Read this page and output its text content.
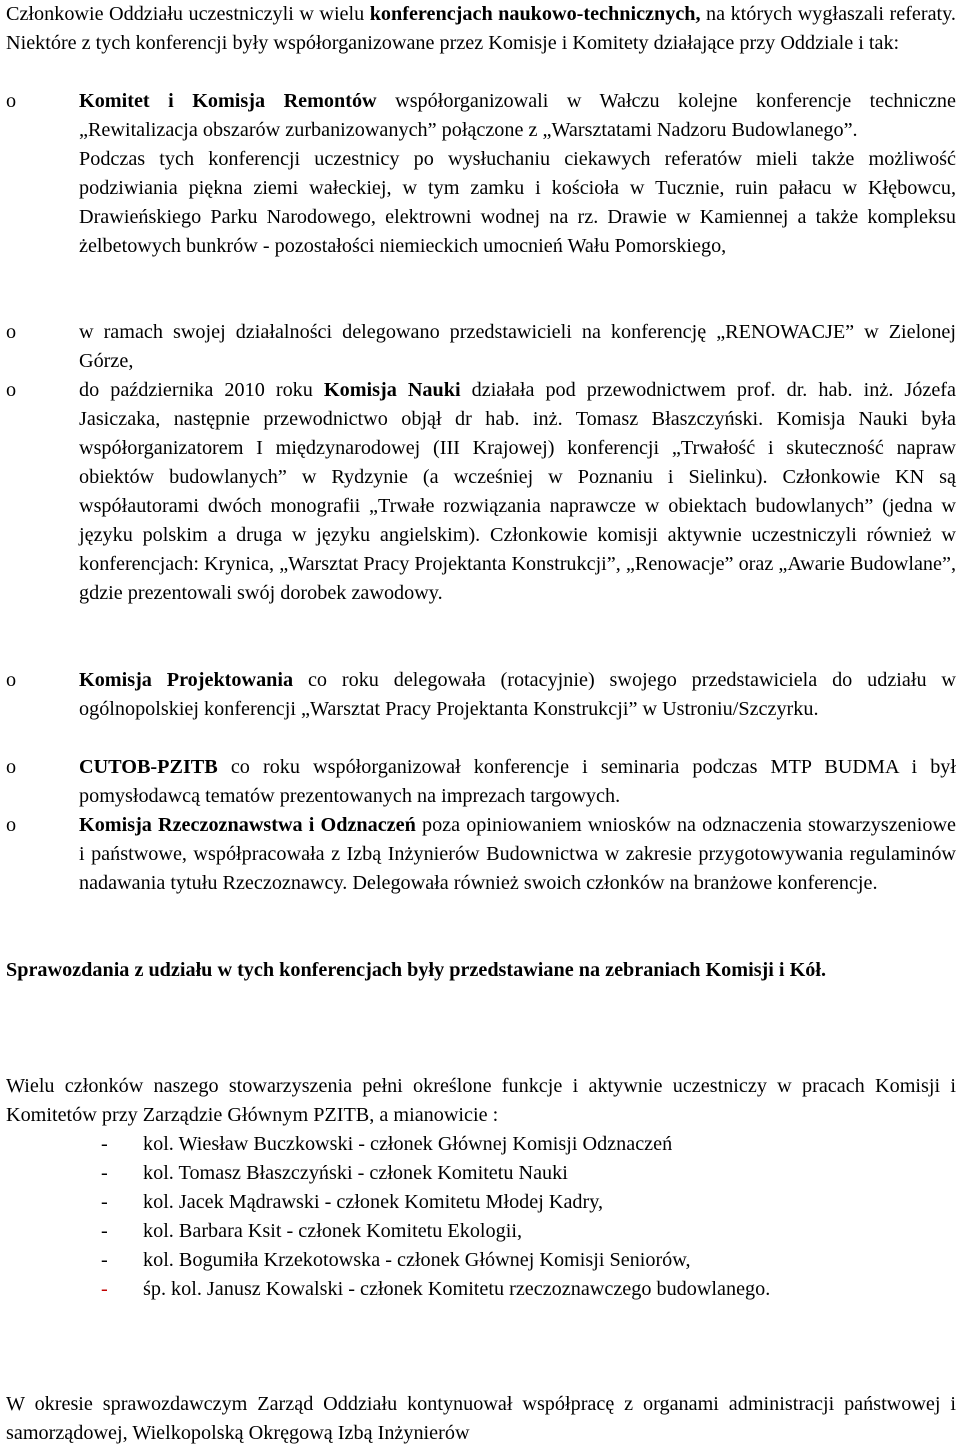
Członkowie Oddziału uczestniczyli w wielu konferencjach naukowo-technicznych, na których wygłaszali referaty. Niektóre z tych konferencji były współorganizowane przez Komisje i Komitety działające przy Oddziale i tak:

o	Komitet i Komisja Remontów współorganizowali w Wałczu kolejne konferencje techniczne „Rewitalizacja obszarów zurbanizowanych” połączone z „Warsztatami Nadzoru Budowlanego”.
Podczas tych konferencji uczestnicy po wysłuchaniu ciekawych referatów mieli także możliwość podziwiania piękna ziemi wałeckiej, w tym zamku i kościoła w Tucznie, ruin pałacu w Kłębowcu, Drawieńskiego Parku Narodowego, elektrowni wodnej na rz. Drawie w Kamiennej a także kompleksu żelbetowych bunkrów - pozostałości niemieckich umocnień Wału Pomorskiego,
o	w ramach swojej działalności delegowano przedstawicieli na konferencję „RENOWACJE” w Zielonej Górze,
o	do października 2010 roku Komisja Nauki działała pod przewodnictwem prof. dr. hab. inż. Józefa Jasiczaka, następnie przewodnictwo objął dr hab. inż. Tomasz Błaszczyński. Komisja Nauki była współorganizatorem I międzynarodowej (III Krajowej) konferencji „Trwałość i skuteczność napraw obiektów budowlanych” w Rydzynie (a wcześniej w Poznaniu i Sielinku). Członkowie KN są współautorami dwóch monografii „Trwałe rozwiązania naprawcze w obiektach budowlanych” (jedna w języku polskim a druga w języku angielskim). Członkowie komisji aktywnie uczestniczyli również w konferencjach: Krynica, „Warsztat Pracy Projektanta Konstrukcji”, „Renowacje” oraz „Awarie Budowlane”, gdzie prezentowali swój dorobek zawodowy.
o	Komisja Projektowania co roku delegowała (rotacyjnie) swojego przedstawiciela do udziału w ogólnopolskiej konferencji „Warsztat Pracy Projektanta Konstrukcji” w Ustroniu/Szczyrku.
o	CUTOB-PZITB co roku współorganizował konferencje i seminaria podczas MTP BUDMA i był pomysłodawcą tematów prezentowanych na imprezach targowych.
o	Komisja Rzeczoznawstwa i Odznaczeń poza opiniowaniem wniosków na odznaczenia stowarzyszeniowe i państwowe, współpracowała z Izbą Inżynierów Budownictwa w zakresie przygotowywania regulaminów nadawania tytułu Rzeczoznawcy. Delegowała również swoich członków na branżowe konferencje.

Sprawozdania z udziału w tych konferencjach były przedstawiane na zebraniach Komisji i Kół.

Wielu członków naszego stowarzyszenia pełni określone funkcje i aktywnie uczestniczy w pracach Komisji i Komitetów przy Zarządzie Głównym PZITB, a mianowicie :

- kol. Wiesław Buczkowski - członek Głównej Komisji Odznaczeń
- kol. Tomasz Błaszczyński - członek Komitetu Nauki
- kol. Jacek Mądrawski - członek Komitetu Młodej Kadry,
- kol. Barbara Ksit - członek Komitetu Ekologii,
- kol. Bogumiła Krzekotowska - członek Głównej Komisji Seniorów,
- śp. kol. Janusz Kowalski - członek Komitetu rzeczoznawczego budowlanego.

W okresie sprawozdawczym Zarząd Oddziału kontynuował współpracę z organami administracji państwowej i samorządowej, Wielkopolską Okręgową Izbą Inżynierów
